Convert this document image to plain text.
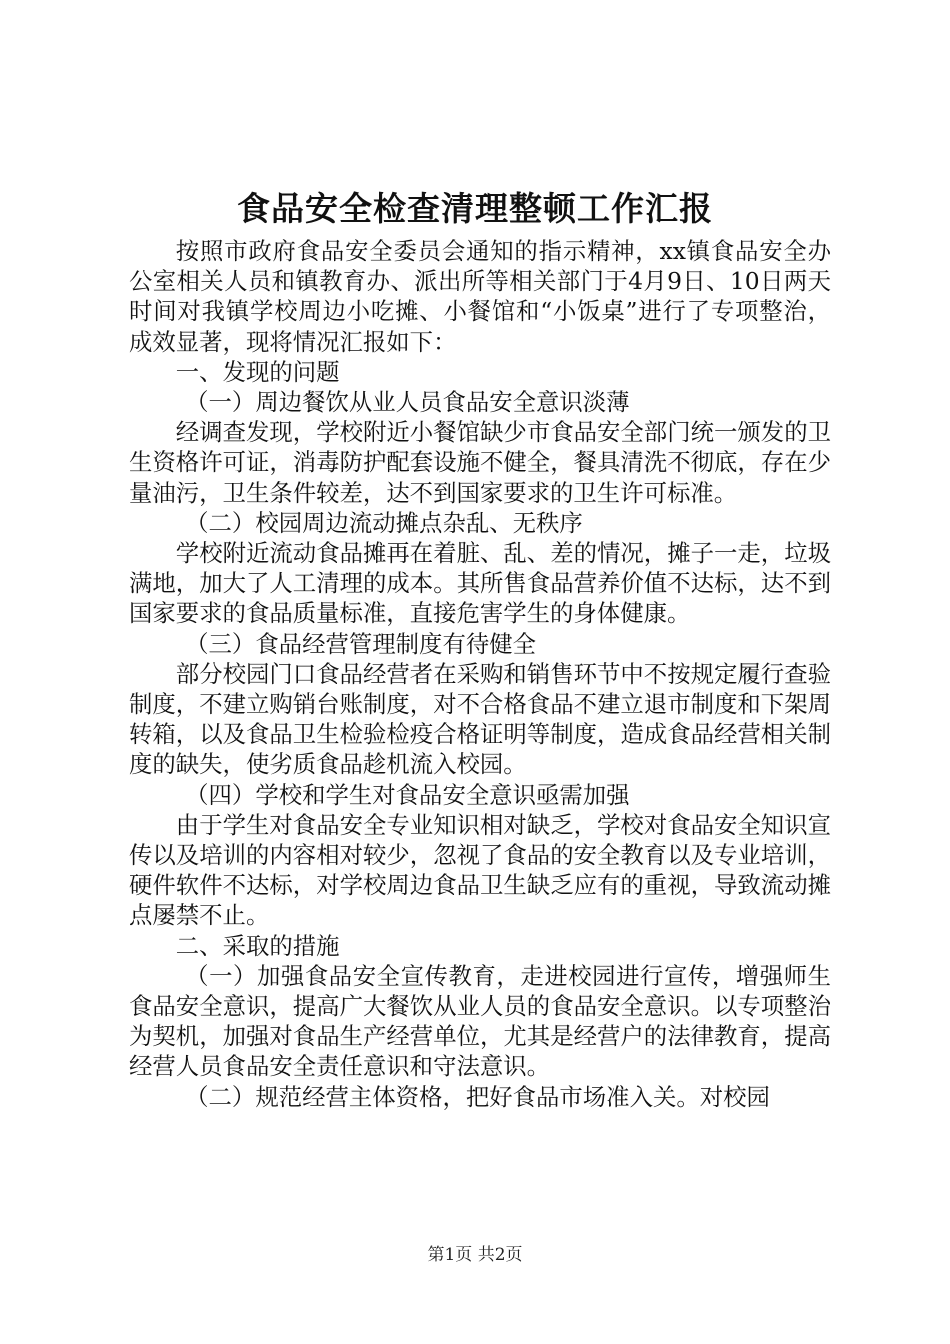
食品安全检查清理整顿工作汇报

按照市政府食品安全委员会通知的指示精神，xx镇食品安全办公室相关人员和镇教育办、派出所等相关部门于4月9日、10日两天时间对我镇学校周边小吃摊、小餐馆和“小饭桌”进行了专项整治，成效显著，现将情况汇报如下：

一、发现的问题

（一）周边餐饮从业人员食品安全意识淡薄

经调查发现，学校附近小餐馆缺少市食品安全部门统一颁发的卫生资格许可证，消毒防护配套设施不健全，餐具清洗不彻底，存在少量油污，卫生条件较差，达不到国家要求的卫生许可标准。

（二）校园周边流动摊点杂乱、无秩序

学校附近流动食品摊再在着脏、乱、差的情况，摊子一走，垃圾满地，加大了人工清理的成本。其所售食品营养价值不达标，达不到国家要求的食品质量标准，直接危害学生的身体健康。

（三）食品经营管理制度有待健全

部分校园门口食品经营者在采购和销售环节中不按规定履行查验制度，不建立购销台账制度，对不合格食品不建立退市制度和下架周转箱，以及食品卫生检验检疫合格证明等制度，造成食品经营相关制度的缺失，使劣质食品趁机流入校园。

（四）学校和学生对食品安全意识亟需加强

由于学生对食品安全专业知识相对缺乏，学校对食品安全知识宣传以及培训的内容相对较少，忽视了食品的安全教育以及专业培训，硬件软件不达标，对学校周边食品卫生缺乏应有的重视，导致流动摊点屡禁不止。

二、采取的措施

（一）加强食品安全宣传教育，走进校园进行宣传，增强师生食品安全意识，提高广大餐饮从业人员的食品安全意识。以专项整治为契机，加强对食品生产经营单位，尤其是经营户的法律教育，提高经营人员食品安全责任意识和守法意识。

（二）规范经营主体资格，把好食品市场准入关。对校园

第1页 共2页
